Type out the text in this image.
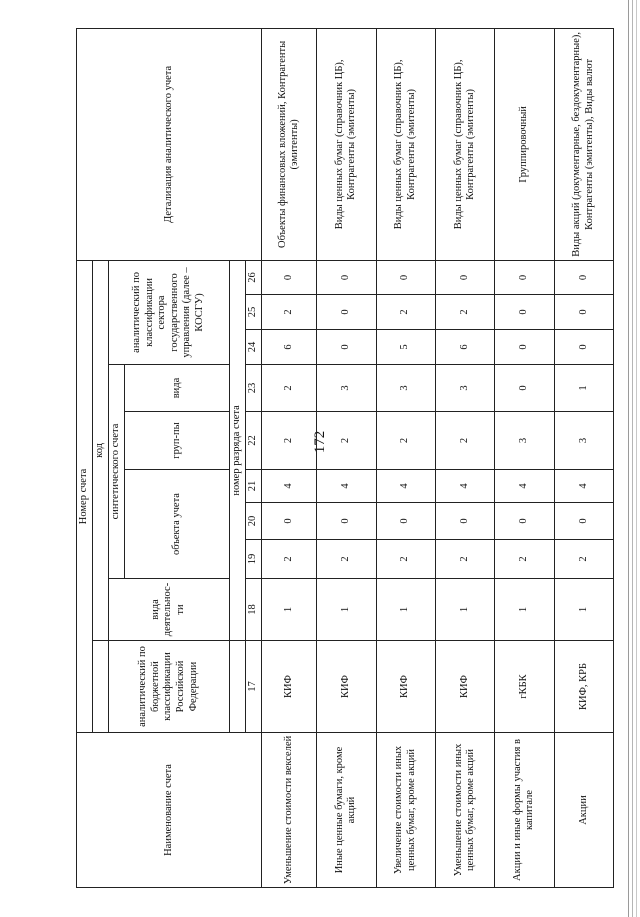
172
Наименование счета	Номер счета										Детализация аналитического учета
		код									
	аналитический по бюджетной классификации Российской Федерации	вида деятельнос-ти	синтетического счета					аналитический по классификации сектора государственного управления (далее – КОСГУ)			
			объекта учета			груп-пы	вида				
		номер разряда счета									
	17	18	19	20	21	22	23	24	25	26	
Уменьшение стоимости векселей	КИФ	1	2	0	4	2	2	6	2	0	Объекты финансовых вложений, Контрагенты (эмитенты)
Иные ценные бумаги, кроме акций	КИФ	1	2	0	4	2	3	0	0	0	Виды ценных бумаг (справочник ЦБ), Контрагенты (эмитенты)
Увеличение стоимости иных ценных бумаг, кроме акций	КИФ	1	2	0	4	2	3	5	2	0	Виды ценных бумаг (справочник ЦБ), Контрагенты (эмитенты)
Уменьшение стоимости иных ценных бумаг, кроме акций	КИФ	1	2	0	4	2	3	6	2	0	Виды ценных бумаг (справочник ЦБ), Контрагенты (эмитенты)
Акции и иные формы участия в капитале	гКБК	1	2	0	4	3	0	0	0	0	Группировочный
Акции	КИФ, КРБ	1	2	0	4	3	1	0	0	0	Виды акций (документарные, бездокументарные), Контрагенты (эмитенты), Виды валют
